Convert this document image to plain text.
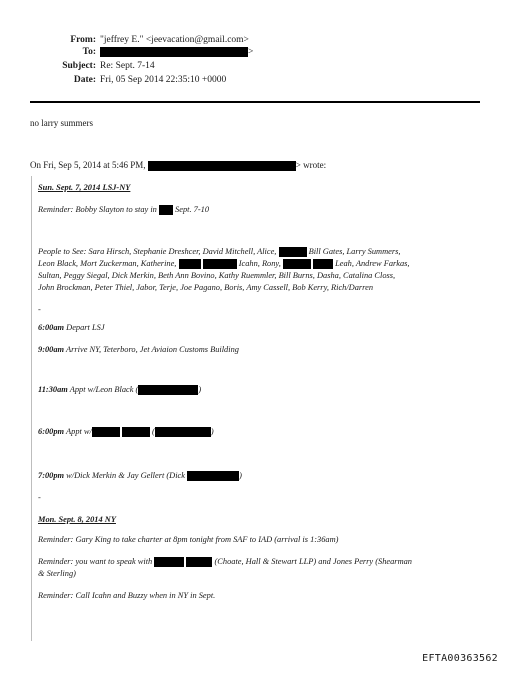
From: "jeffrey E." <jeevacation@gmail.com>
To:	>
Subject: Re: Sept. 7-14
Date: Fri, 05 Sep 2014 22:35:10 +0000
no larry summers
On Fri, Sep 5, 2014 at 5:46 PM,	> wrote:
Sun. Sept. 7, 2014 LSJ-NY
Reminder: Bobby Slayton to stay in Sept. 7-10
People to See: Sara Hirsch, Stephanie Dreshcer, David Mitchell, Alice,	Bill Gates, Larry Summers,
Leon Black, Mort Zuckerman, Katherine,	Icahn, Rony,	Leah, Andrew Farkas,
Sultan, Peggy Siegal, Dick Merkin, Beth Ann Bovino, Kathy Ruemmler, Bill Burns, Dasha, Catalina Closs,
John Brockman, Peter Thiel, Jabor, Terje, Joe Pagano, Boris, Amy Cassell, Bob Kerry, Rich/Darren
-
6:00am Depart LSJ
9:00am Arrive NY, Teterboro, Jet Aviaion Customs Building
11:30am Appt w/Leon Black (	)
6:00pm Appt w/	(	)
7:00pm w/Dick Merkin & Jay Gellert (Dick	)
-
Mon. Sept. 8, 2014 NY
Reminder: Gary King to take charter at 8pm tonight from SAF to IAD (arrival is 1:36am)
Reminder: you want to speak with	(Choate, Hall & Stewart LLP) and Jones Perry (Shearman
& Sterling)
Reminder: Call Icahn and Buzzy when in NY in Sept.
EFTA00363562
